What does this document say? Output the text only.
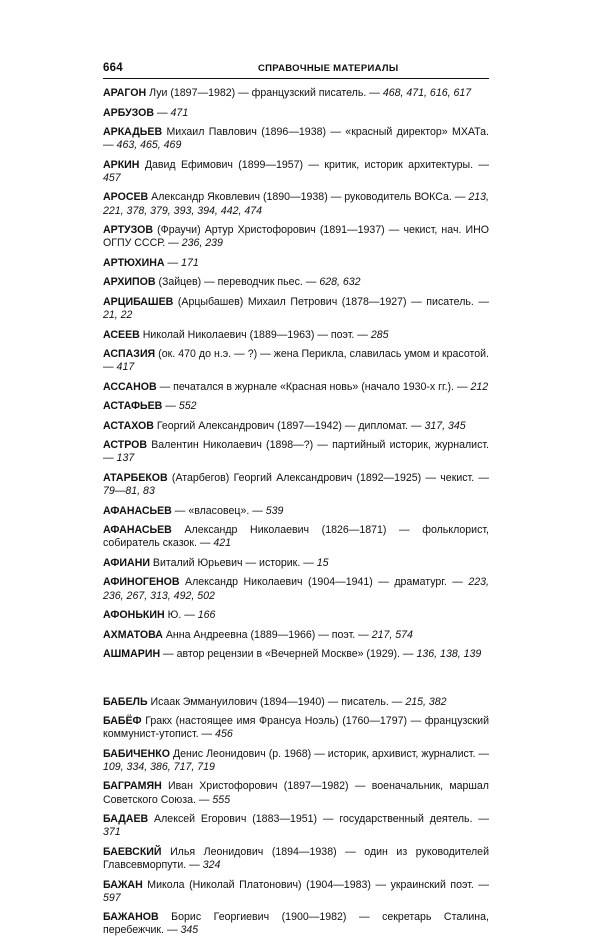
664	СПРАВОЧНЫЕ МАТЕРИАЛЫ
АРАГОН Луи (1897—1982) — французский писатель. — 468, 471, 616, 617
АРБУЗОВ — 471
АРКАДЬЕВ Михаил Павлович (1896—1938) — «красный директор» МХАТа. — 463, 465, 469
АРКИН Давид Ефимович (1899—1957) — критик, историк архитектуры. — 457
АРОСЕВ Александр Яковлевич (1890—1938) — руководитель ВОКСа. — 213, 221, 378, 379, 393, 394, 442, 474
АРТУЗОВ (Фраучи) Артур Христофорович (1891—1937) — чекист, нач. ИНО ОГПУ СССР. — 236, 239
АРТЮХИНА — 171
АРХИПОВ (Зайцев) — переводчик пьес. — 628, 632
АРЦИБАШЕВ (Арцыбашев) Михаил Петрович (1878—1927) — писатель. — 21, 22
АСЕЕВ Николай Николаевич (1889—1963) — поэт. — 285
АСПАЗИЯ (ок. 470 до н.э. — ?) — жена Перикла, славилась умом и красотой. — 417
АССАНОВ — печатался в журнале «Красная новь» (начало 1930-х гг.). — 212
АСТАФЬЕВ — 552
АСТАХОВ Георгий Александрович (1897—1942) — дипломат. — 317, 345
АСТРОВ Валентин Николаевич (1898—?) — партийный историк, журналист. — 137
АТАРБЕКОВ (Атарбегов) Георгий Александрович (1892—1925) — чекист. — 79—81, 83
АФАНАСЬЕВ — «власовец». — 539
АФАНАСЬЕВ Александр Николаевич (1826—1871) — фольклорист, собиратель сказок. — 421
АФИАНИ Виталий Юрьевич — историк. — 15
АФИНОГЕНОВ Александр Николаевич (1904—1941) — драматург. — 223, 236, 267, 313, 492, 502
АФОНЬКИН Ю. — 166
АХМАТОВА Анна Андреевна (1889—1966) — поэт. — 217, 574
АШМАРИН — автор рецензии в «Вечерней Москве» (1929). — 136, 138, 139
БАБЕЛЬ Исаак Эммануилович (1894—1940) — писатель. — 215, 382
БАБЁФ Гракх (настоящее имя Франсуа Ноэль) (1760—1797) — французский коммунист-утопист. — 456
БАБИЧЕНКО Денис Леонидович (р. 1968) — историк, архивист, журналист. — 109, 334, 386, 717, 719
БАГРАМЯН Иван Христофорович (1897—1982) — военачальник, маршал Советского Союза. — 555
БАДАЕВ Алексей Егорович (1883—1951) — государственный деятель. — 371
БАЕВСКИЙ Илья Леонидович (1894—1938) — один из руководителей Главсевморпути. — 324
БАЖАН Микола (Николай Платонович) (1904—1983) — украинский поэт. — 597
БАЖАНОВ Борис Георгиевич (1900—1982) — секретарь Сталина, перебежчик. — 345
